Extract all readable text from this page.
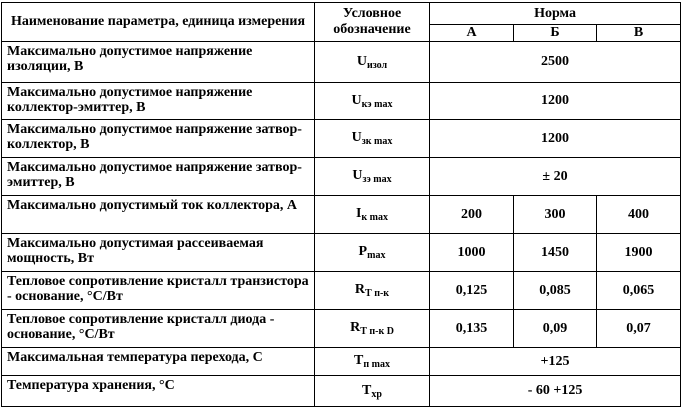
Наименование параметра, единица измерения	Условное обозначение	Норма		
		А	Б	В
Максимально допустимое напряжение изоляции, В	$U_{изол}$	2500		
Максимально допустимое напряжение коллектор-эмиттер, В	$U_{кэ max}$	1200		
Максимально допустимое напряжение затвор-коллектор, В	$U_{зк max}$	1200		
Максимально допустимое напряжение затвор-эмиттер, В	$U_{зэ max}$	± 20		
Максимально допустимый ток коллектора, А	$I_{к max}$	200	300	400
Максимально допустимая рассеиваемая мощность, Вт	$P_{max}$	1000	1450	1900
Тепловое сопротивление кристалл транзистора - основание, °С/Вт	$R_{Т п-к}$	0,125	0,085	0,065
Тепловое сопротивление кристалл диода - основание, °С/Вт	$R_{Т п-к D}$	0,135	0,09	0,07
Максимальная температура перехода, С	$T_{п max}$	+125		
Температура хранения, °С	$T_{хр}$	- 60 +125		
